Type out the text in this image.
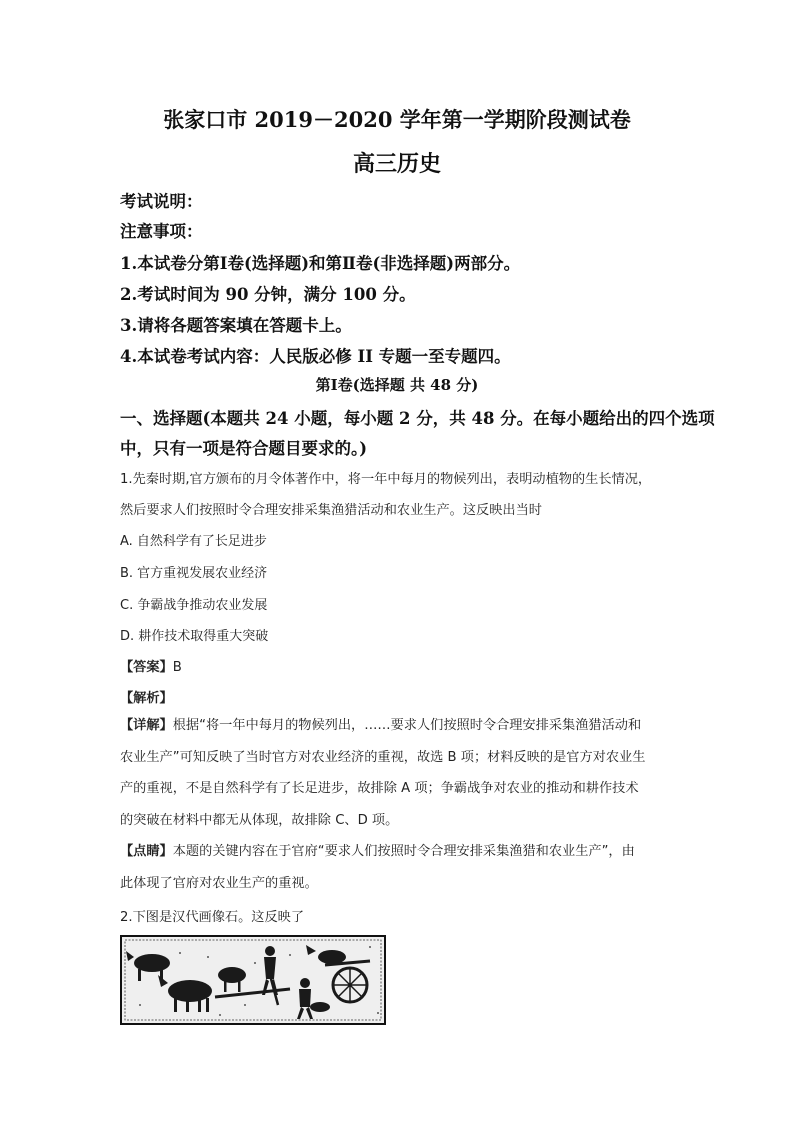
张家口市 2019－2020 学年第一学期阶段测试卷
高三历史
考试说明：
注意事项：
1.本试卷分第Ⅰ卷(选择题)和第Ⅱ卷(非选择题)两部分。
2.考试时间为 90 分钟，满分 100 分。
3.请将各题答案填在答题卡上。
4.本试卷考试内容：人民版必修 II 专题一至专题四。
第Ⅰ卷(选择题 共 48 分)
一、选择题(本题共 24 小题，每小题 2 分，共 48 分。在每小题给出的四个选项
中，只有一项是符合题目要求的。)
1.先秦时期,官方颁布的月令体著作中，将一年中每月的物候列出，表明动植物的生长情况，
然后要求人们按照时令合理安排采集渔猎活动和农业生产。这反映出当时
A. 自然科学有了长足进步
B. 官方重视发展农业经济
C. 争霸战争推动农业发展
D. 耕作技术取得重大突破
【答案】B
【解析】
【详解】根据“将一年中每月的物候列出，……要求人们按照时令合理安排采集渔猎活动和
农业生产”可知反映了当时官方对农业经济的重视，故选 B 项；材料反映的是官方对农业生
产的重视，不是自然科学有了长足进步，故排除 A 项；争霸战争对农业的推动和耕作技术
的突破在材料中都无从体现，故排除 C、D 项。
【点睛】本题的关键内容在于官府“要求人们按照时令合理安排采集渔猎和农业生产”，由
此体现了官府对农业生产的重视。
2.下图是汉代画像石。这反映了
